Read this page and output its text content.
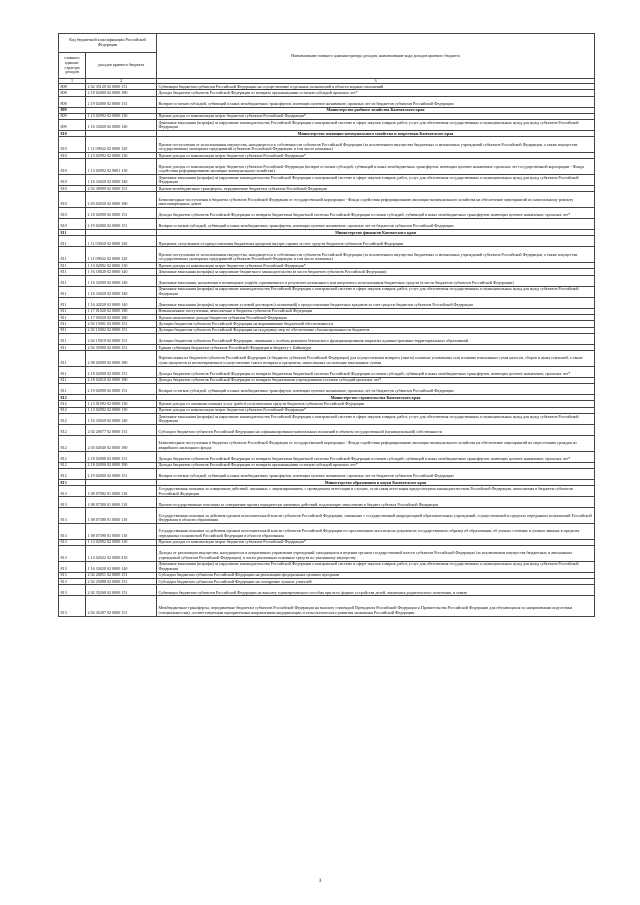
Код бюджетной классификации Российской Федерации		Наименование главного администратора доходов, наименование кода доходов краевого бюджета
главного админи-стратора доходов	доходов краевого бюджета	
1	2	3
808	2 02 35120 02 0000 151	Субвенции бюджетам субъектов Российской Федерации на осуществление отдельных полномочий в области водных отношений
808	2 18 02000 02 0000 180	Доходы бюджетов субъектов Российской Федерации от возврата организациями остатков субсидий прошлых лет*
808	2 19 02000 02 0000 151	Возврат остатков субсидий, субвенций и иных межбюджетных трансфертов, имеющих целевое назначение, прошлых лет из бюджетов субъектов Российской Федерации
809		Министерство рыбного хозяйства Камчатского края
809	1 13 02992 02 0000 130	Прочие доходы от компенсации затрат бюджетов субъектов Российской Федерации*
809	1 16 33020 02 0000 140	Денежные взыскания (штрафы) за нарушение законодательства Российской Федерации о контрактной системе в сфере закупок товаров, работ, услуг для обеспечения государственных и муниципальных нужд для нужд субъектов Российской Федерации
810		Министерство жилищно-коммунального хозяйства и энергетики Камчатского края
810	1 11 09042 02 0000 120	Прочие поступления от использования имущества, находящегося в собственности субъектов Российской Федерации (за исключением имущества бюджетных и автономных учреждений субъектов Российской Федерации, а также имущества государственных унитарных предприятий субъектов Российской Федерации, в том числе казенных)
810	1 13 02992 02 0000 130	Прочие доходы от компенсации затрат бюджетов субъектов Российской Федерации*
810	1 13 02992 02 9001 130	Прочие доходы от компенсации затрат бюджетов субъектов Российской Федерации (возврат остатков субсидий, субвенций и иных межбюджетных трансфертов, имеющих целевое назначение, прошлых лет государственной корпорации - Фонда содействия реформированию жилищно-коммунального хозяйства)
810	1 16 33020 02 0000 140	Денежные взыскания (штрафы) за нарушение законодательства Российской Федерации о контрактной системе в сфере закупок товаров, работ, услуг для обеспечения государственных и муниципальных нужд для нужд субъектов Российской Федерации
810	2 02 49999 02 0000 151	Прочие межбюджетные трансферты, передаваемые бюджетам субъектов Российской Федерации
810	2 03 02030 02 0000 180	Безвозмездные поступления в бюджеты субъектов Российской Федерации от государственной корпорации - Фонда содействия реформированию жилищно-коммунального хозяйства на обеспечение мероприятий по капитальному ремонту многоквартирных домов
810	2 18 02000 02 0000 151	Доходы бюджетов субъектов Российской Федерации от возврата бюджетами бюджетной системы Российской Федерации остатков субсидий, субвенций и иных межбюджетных трансфертов, имеющих целевое назначение, прошлых лет*
810	2 19 02000 02 0000 151	Возврат остатков субсидий, субвенций и иных межбюджетных трансфертов, имеющих целевое назначение, прошлых лет из бюджетов субъектов Российской Федерации
811		Министерство финансов Камчатского края
811	1 11 03020 02 0000 120	Проценты, полученные от предоставления бюджетных кредитов внутри страны за счет средств бюджетов субъектов Российской Федерации
811	1 11 09042 02 0000 120	Прочие поступления от использования имущества, находящегося в собственности субъектов Российской Федерации (за исключением имущества бюджетных и автономных учреждений субъектов Российской Федерации, а также имущества государственных унитарных предприятий субъектов Российской Федерации, в том числе казенных)
811	1 13 02992 02 0000 130	Прочие доходы от компенсации затрат бюджетов субъектов Российской Федерации*
811	1 16 18020 02 0000 140	Денежные взыскания (штрафы) за нарушение бюджетного законодательства (в части бюджетов субъектов Российской Федерации)
811	1 16 32000 02 0000 140	Денежные взыскания, налагаемые в возмещение ущерба, причиненного в результате незаконного или нецелевого использования бюджетных средств (в части бюджетов субъектов Российской Федерации)
811	1 16 33020 02 0000 140	Денежные взыскания (штрафы) за нарушение законодательства Российской Федерации о контрактной системе в сфере закупок товаров, работ, услуг для обеспечения государственных и муниципальных нужд для нужд субъектов Российской Федерации
811	1 16 42020 02 0000 140	Денежные взыскания (штрафы) за нарушение условий договоров (соглашений) о предоставлении бюджетных кредитов за счет средств бюджетов субъектов Российской Федерации
811	1 17 01020 02 0000 180	Невыясненные поступления, зачисляемые в бюджеты субъектов Российской Федерации
811	1 17 05020 02 0000 180	Прочие неналоговые доходы бюджетов субъектов Российской Федерации
811	2 02 15001 02 0000 151	Дотации бюджетам субъектов Российской Федерации на выравнивание бюджетной обеспеченности
811	2 02 15002 02 0000 151	Дотации бюджетам субъектов Российской Федерации на поддержку мер по обеспечению сбалансированности бюджетов
811	2 02 15010 02 0000 151	Дотации бюджетам субъектов Российской Федерации, связанные с особым режимом безопасного функционирования закрытых административно-территориальных образований
811	2 02 35900 02 0000 151	Единая субвенция бюджетам субъектов Российской Федерации и бюджету г. Байконура
811	2 08 02000 02 0000 180	Перечисления из бюджетов субъектов Российской Федерации (в бюджеты субъектов Российской Федерации) для осуществления возврата (зачета) излишне уплаченных или излишне взысканных сумм налогов, сборов и иных платежей, а также сумм процентов за несвоевременное осуществление такого возврата и процентов, начисленных на излишне взысканные суммы
811	2 18 02000 02 0000 151	Доходы бюджетов субъектов Российской Федерации от возврата бюджетами бюджетной системы Российской Федерации остатков субсидий, субвенций и иных межбюджетных трансфертов, имеющих целевое назначение, прошлых лет*
811	2 18 02010 02 0000 180	Доходы бюджетов субъектов Российской Федерации от возврата бюджетными учреждениями остатков субсидий прошлых лет*
811	2 19 02000 02 0000 151	Возврат остатков субсидий, субвенций и иных межбюджетных трансфертов, имеющих целевое назначение, прошлых лет из бюджетов субъектов Российской Федерации
812		Министерство строительства Камчатского края
812	1 13 01992 02 0000 130	Прочие доходы от оказания платных услуг (работ) получателями средств бюджетов субъектов Российской Федерации
812	1 13 02992 02 0000 130	Прочие доходы от компенсации затрат бюджетов субъектов Российской Федерации*
812	1 16 33020 02 0000 140	Денежные взыскания (штрафы) за нарушение законодательства Российской Федерации о контрактной системе в сфере закупок товаров, работ, услуг для обеспечения государственных и муниципальных нужд для нужд субъектов Российской Федерации
812	2 02 20077 02 0000 151	Субсидии бюджетам субъектов Российской Федерации на софинансирование капитальных вложений в объекты государственной (муниципальной) собственности
812	2 03 02040 02 0000 180	Безвозмездные поступления в бюджеты субъектов Российской Федерации от государственной корпорации - Фонда содействия реформированию жилищно-коммунального хозяйства на обеспечение мероприятий по переселению граждан из аварийного жилищного фонда
812	2 18 02000 02 0000 151	Доходы бюджетов субъектов Российской Федерации от возврата бюджетами бюджетной системы Российской Федерации остатков субсидий, субвенций и иных межбюджетных трансфертов, имеющих целевое назначение, прошлых лет*
812	2 18 02000 02 0000 180	Доходы бюджетов субъектов Российской Федерации от возврата организациями остатков субсидий прошлых лет*
812	2 19 02000 02 0000 151	Возврат остатков субсидий, субвенций и иных межбюджетных трансфертов, имеющих целевое назначение, прошлых лет из бюджетов субъектов Российской Федерации
813		Министерство образования и науки Камчатского края
813	1 08 07082 01 0000 110	Государственная пошлина за совершение действий, связанных с лицензированием, с проведением аттестации в случаях, если такая аттестация предусмотрена законодательством Российской Федерации, зачисляемая в бюджеты субъектов Российской Федерации
813	1 08 07300 01 0000 110	Прочие государственные пошлины за совершение прочих юридически значимых действий, подлежащие зачислению в бюджет субъекта Российской Федерации
813	1 08 07380 01 0000 110	Государственная пошлина за действия органов исполнительной власти субъектов Российской Федерации, связанные с государственной аккредитацией образовательных учреждений, осуществляемой в пределах переданных полномочий Российской Федерации в области образования
813	1 08 07390 01 0000 110	Государственная пошлина за действия органов исполнительной власти субъектов Российской Федерации по проставлению апостиля на документах государственного образца об образовании, об ученых степенях и ученых званиях в пределах переданных полномочий Российской Федерации в области образования
813	1 13 02992 02 0000 130	Прочие доходы от компенсации затрат бюджетов субъектов Российской Федерации*
813	1 14 02022 02 0000 410	Доходы от реализации имущества, находящегося в оперативном управлении учреждений, находящихся в ведении органов государственной власти субъектов Российской Федерации (за исключением имущества бюджетных и автономных учреждений субъектов Российской Федерации), в части реализации основных средств по указанному имуществу
813	1 16 33020 02 0000 140	Денежные взыскания (штрафы) за нарушение законодательства Российской Федерации о контрактной системе в сфере закупок товаров, работ, услуг для обеспечения государственных и муниципальных нужд для нужд субъектов Российской Федерации
813	2 02 20051 02 0000 151	Субсидии бюджетам субъектов Российской Федерации на реализацию федеральных целевых программ
813	2 02 25088 02 0000 151	Субсидии бюджетам субъектов Российской Федерации на поощрение лучших учителей
813	2 02 35260 02 0000 151	Субвенции бюджетам субъектов Российской Федерации на выплату единовременного пособия при всех формах устройства детей, лишенных родительского попечения, в семью
813	2 02 45297 02 0000 151	Межбюджетные трансферты, передаваемые бюджетам субъектов Российской Федерации на выплату стипендий Президента Российской Федерации и Правительства Российской Федерации для обучающихся по направлениям подготовки (специальностям), соответствующим приоритетным направлениям модернизации и технологического развития экономики Российской Федерации
3
